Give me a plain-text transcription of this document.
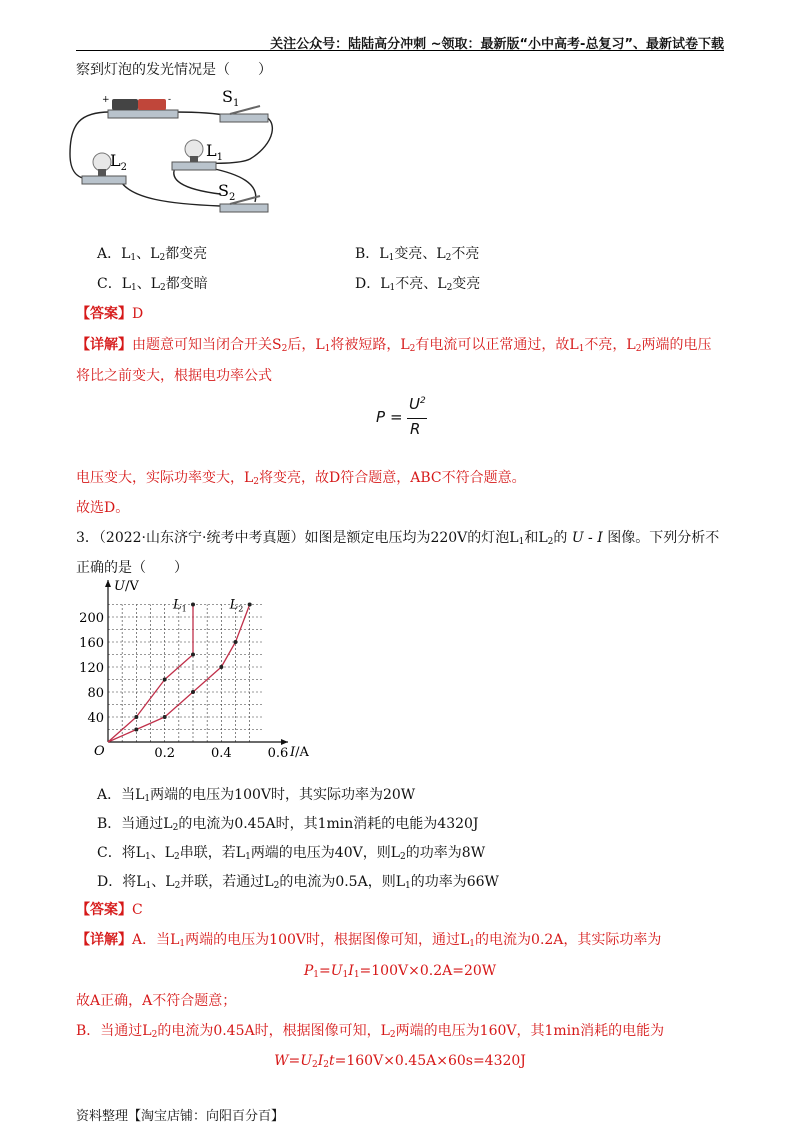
关注公众号：陆陆高分冲刺 ~领取：最新版“小中高考-总复习”、最新试卷下载
察到灯泡的发光情况是（　　）
+	-	$S_1$
$L_2$
$L_1$
$S_2$
A．$L_1$、$L_2$都变亮	B．$L_1$变亮、$L_2$不亮
C．$L_1$、$L_2$都变暗	D．$L_1$不亮、$L_2$变亮
【答案】D
【详解】由题意可知当闭合开关$S_2$后，$L_1$将被短路，$L_2$有电流可以正常通过，故$L_1$不亮，$L_2$两端的电压
将比之前变大，根据电功率公式
P =
$U^2$
R
电压变大，实际功率变大，$L_2$将变亮，故D符合题意，ABC不符合题意。
故选D。
3．（2022·山东济宁·统考中考真题）如图是额定电压均为220V的灯泡$L_1$和$L_2$的 U - I 图像。下列分析不
正确的是（　　）
0.2	0.4	0.6
40
80
120
160
200
O	I/A
U/V
$L_1$	$L_2$
A．当$L_1$两端的电压为100V时，其实际功率为20W
B．当通过$L_2$的电流为0.45A时，其1min消耗的电能为4320J
C．将$L_1$、$L_2$串联，若$L_1$两端的电压为40V，则$L_2$的功率为8W
D．将$L_1$、$L_2$并联，若通过$L_2$的电流为0.5A，则$L_1$的功率为66W
【答案】C
【详解】A．当$L_1$两端的电压为100V时，根据图像可知，通过$L_1$的电流为0.2A，其实际功率为
$P_1=U_1I_1=100V\times 0.2A=20W$
故A正确，A不符合题意；
B．当通过$L_2$的电流为0.45A时，根据图像可知，$L_2$两端的电压为160V，其1min消耗的电能为
$W=U_2I_2t=160V\times 0.45A\times 60s=4320J$
资料整理【淘宝店铺：向阳百分百】
